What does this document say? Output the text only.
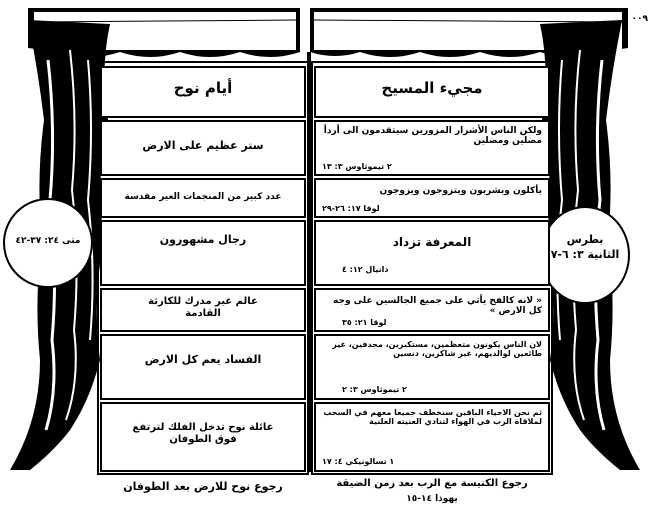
۰۰۹
أيام نوح
ستر عظيم على الارض
عدد كبير من المنجمات الغير مقدسة
رجال مشهورون
عالم غير مدرك للكارثة القادمة
الفساد يعم كل الارض
عائلة نوح تدخل الفلك لترتفع فوق الطوفان
مجيء المسيح
ولكن الناس الأشرار المزورين سيتقدمون الى أردأ مضلين ومضلين
٢ تيموثاوس ٣: ١٣
يأكلون ويشربون ويتزوجون ويزوجون
لوقا ١٧: ٢٦-٢٩
المعرفة تزداد
دانيال ١٢: ٤
« لانه كالفخ يأتي على جميع الجالسين على وجه كل الارض »
لوقا ٢١: ٣٥
لان الناس يكونون متعظمين، مستكبرين، مجدفين، غير طائعين لوالديهم، غير شاكرين، دنسين
٢ تيموثاوس ٣: ٢
ثم نحن الاحياء الباقين سنخطف جميعا معهم في السحب لملاقاة الرب في الهواء لتنادي العنيته العلنية
١ تسالونيكي ٤: ١٧
متى ٢٤: ٣٧-٤٢	بطرس الثانية ٣: ٦-٧
رجوع نوح للارض بعد الطوفان	رجوع الكنيسة مع الرب بعد زمن الضيقة
يهوذا ١٤-١٥
